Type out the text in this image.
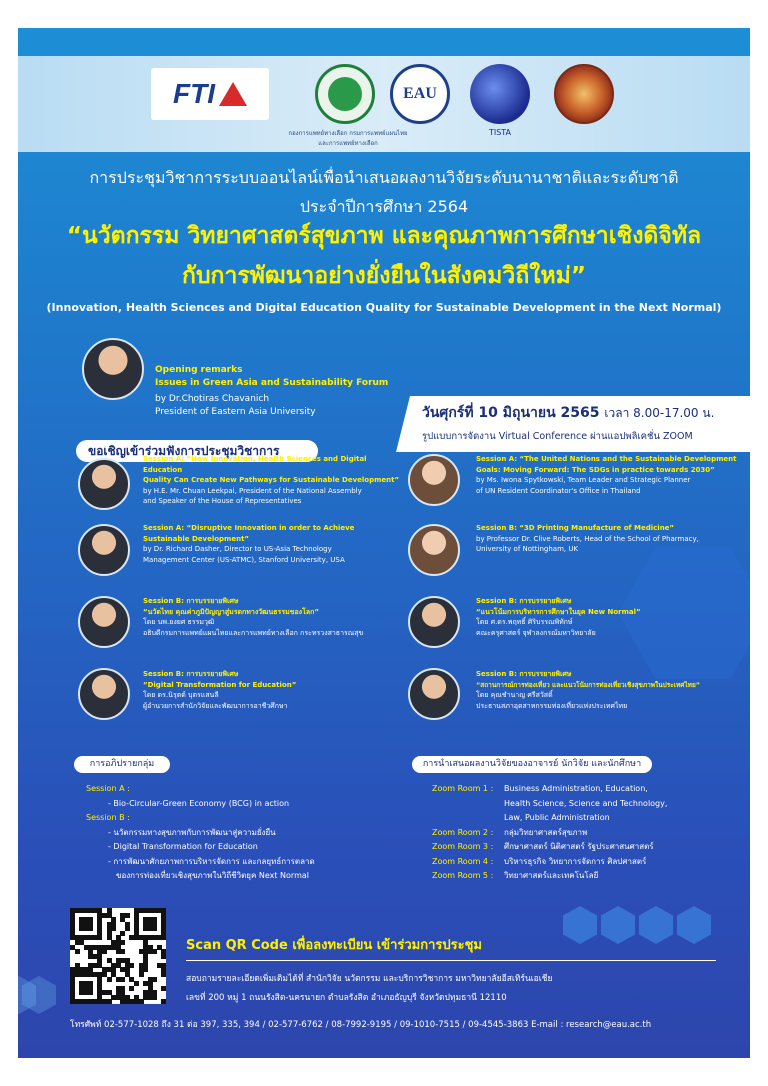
FTI
กองการแพทย์ทางเลือก กรมการแพทย์แผนไทยและการแพทย์ทางเลือก
EAU
TISTA
การประชุมวิชาการระบบออนไลน์เพื่อนำเสนอผลงานวิจัยระดับนานาชาติและระดับชาติ
ประจำปีการศึกษา 2564
“นวัตกรรม วิทยาศาสตร์สุขภาพ และคุณภาพการศึกษาเชิงดิจิทัล
กับการพัฒนาอย่างยั่งยืนในสังคมวิถีใหม่”
(Innovation, Health Sciences and Digital Education Quality for Sustainable Development in the Next Normal)
Opening remarks
Issues in Green Asia and Sustainability Forum
by Dr.Chotiras Chavanich
President of Eastern Asia University	วันศุกร์ที่ 10 มิถุนายน 2565 เวลา 8.00-17.00 น.
รูปแบบการจัดงาน Virtual Conference ผ่านแอปพลิเคชั่น ZOOM
ขอเชิญเข้าร่วมฟังการประชุมวิชาการ
Session A: “How Innovation, Health Sciences and Digital Education
Quality Can Create New Pathways for Sustainable Development”
by H.E. Mr. Chuan Leekpai, President of the National Assembly
and Speaker of the House of Representatives
Session A: “Disruptive Innovation in order to Achieve
Sustainable Development”
by Dr. Richard Dasher, Director to US-Asia Technology
Management Center (US-ATMC), Stanford University, USA
Session B: การบรรยายพิเศษ
“นวัตไทย คุณค่าภูมิปัญญาสู่มรดกทางวัฒนธรรมของโลก”
โดย นพ.ยงยศ ธรรมวุฒิ
อธิบดีกรมการแพทย์แผนไทยและการแพทย์ทางเลือก กระทรวงสาธารณสุข
Session B: การบรรยายพิเศษ
“Digital Transformation for Education”
โดย ดร.นิรุตต์ บุตรแสนลี
ผู้อำนวยการสำนักวิจัยและพัฒนาการอาชีวศึกษา
Session A: “The United Nations and the Sustainable Development
Goals: Moving Forward: The SDGs in practice towards 2030”
by Ms. Iwona Spytkowski, Team Leader and Strategic Planner
of UN Resident Coordinator's Office in Thailand
Session B: “3D Printing Manufacture of Medicine”
by Professor Dr. Clive Roberts, Head of the School of Pharmacy,
University of Nottingham, UK
Session B: การบรรยายพิเศษ
“แนวโน้มการบริหารการศึกษาในยุค New Normal”
โดย ศ.ดร.พฤทธิ์ ศิริบรรณพิทักษ์
คณะครุศาสตร์ จุฬาลงกรณ์มหาวิทยาลัย
Session B: การบรรยายพิเศษ
“สถานการณ์การท่องเที่ยว และแนวโน้มการท่องเที่ยวเชิงสุขภาพในประเทศไทย”
โดย คุณชำนาญ ศรีสวัสดิ์
ประธานสภาอุตสาหกรรมท่องเที่ยวแห่งประเทศไทย
การอภิปรายกลุ่ม	การนำเสนอผลงานวิจัยของอาจารย์ นักวิจัย และนักศึกษา
Session A :
- Bio-Circular-Green Economy (BCG) in action
Session B :
- นวัตกรรมทางสุขภาพกับการพัฒนาสู่ความยั่งยืน
- Digital Transformation for Education
- การพัฒนาศักยภาพการบริหารจัดการ และกลยุทธ์การตลาด
ของการท่องเที่ยวเชิงสุขภาพในวิถีชีวิตยุค Next Normal
Zoom Room 1 :	Business Administration, Education,
Health Science, Science and Technology,
Law, Public Administration
Zoom Room 2 :	กลุ่มวิทยาศาสตร์สุขภาพ
Zoom Room 3 :	ศึกษาศาสตร์ นิติศาสตร์ รัฐประศาสนศาสตร์
Zoom Room 4 :	บริหารธุรกิจ วิทยาการจัดการ ศิลปศาสตร์
Zoom Room 5 :	วิทยาศาสตร์และเทคโนโลยี
Scan QR Code เพื่อลงทะเบียน เข้าร่วมการประชุม
สอบถามรายละเอียดเพิ่มเติมได้ที่ สำนักวิจัย นวัตกรรม และบริการวิชาการ มหาวิทยาลัยอีสเทิร์นเอเชีย
เลขที่ 200 หมู่ 1 ถนนรังสิต-นครนายก ตำบลรังสิต อำเภอธัญบุรี จังหวัดปทุมธานี 12110
โทรศัพท์ 02-577-1028 ถึง 31 ต่อ 397, 335, 394 / 02-577-6762 / 08-7992-9195 / 09-1010-7515 / 09-4545-3863 E-mail : research@eau.ac.th
